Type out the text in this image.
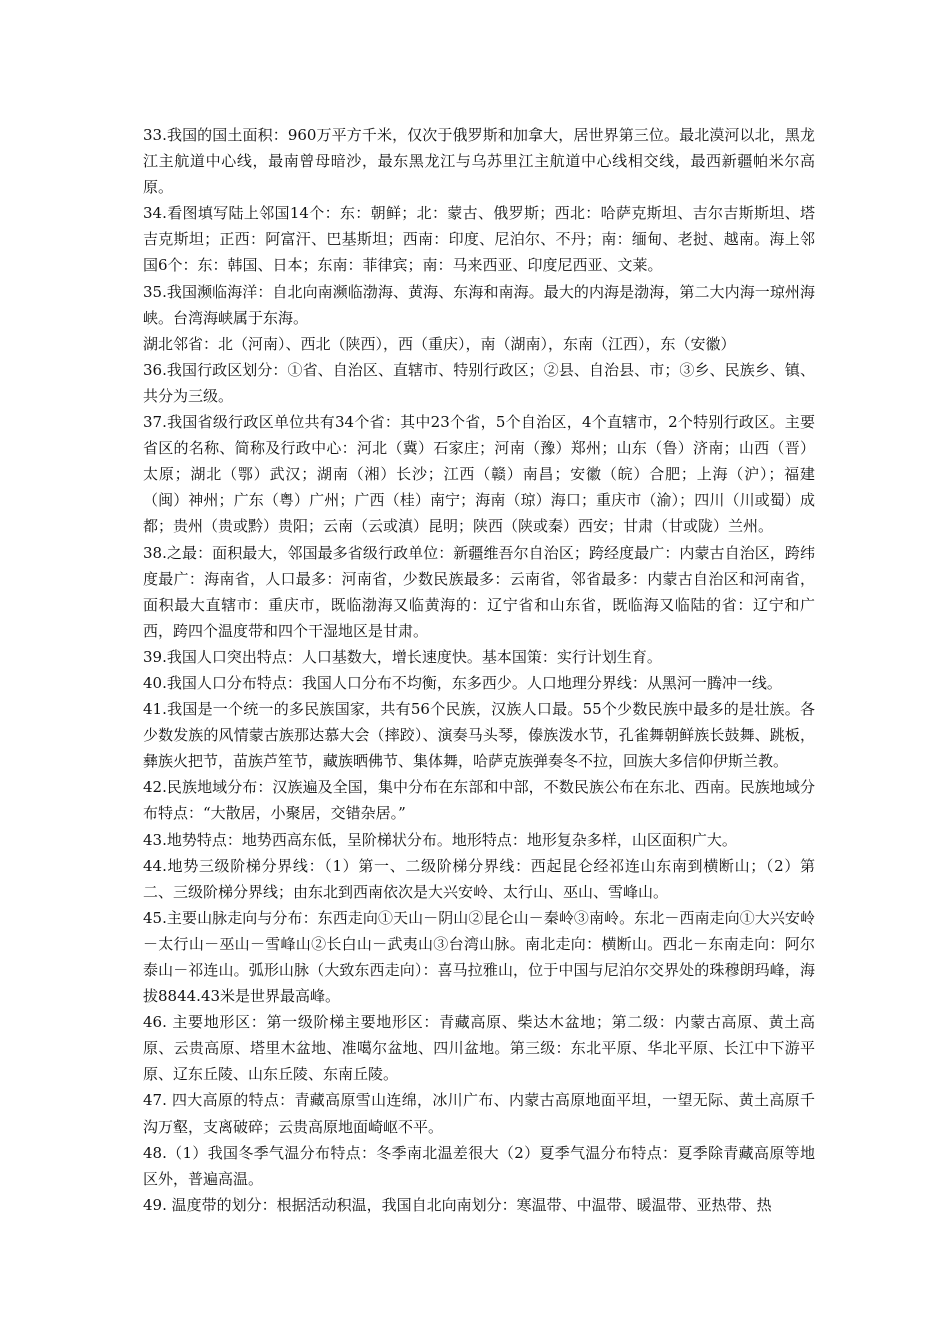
33.我国的国土面积：960万平方千米，仅次于俄罗斯和加拿大，居世界第三位。最北漠河以北，黑龙江主航道中心线，最南曾母暗沙，最东黑龙江与乌苏里江主航道中心线相交线，最西新疆帕米尔高原。

34.看图填写陆上邻国14个：东：朝鲜；北：蒙古、俄罗斯；西北：哈萨克斯坦、吉尔吉斯斯坦、塔吉克斯坦；正西：阿富汗、巴基斯坦；西南：印度、尼泊尔、不丹；南：缅甸、老挝、越南。海上邻国6个：东：韩国、日本；东南：菲律宾；南：马来西亚、印度尼西亚、文莱。

35.我国濒临海洋：自北向南濒临渤海、黄海、东海和南海。最大的内海是渤海，第二大内海一琼州海峡。台湾海峡属于东海。

湖北邻省：北（河南）、西北（陕西），西（重庆），南（湖南），东南（江西），东（安徽）

36.我国行政区划分：①省、自治区、直辖市、特别行政区；②县、自治县、市；③乡、民族乡、镇、共分为三级。

37.我国省级行政区单位共有34个省：其中23个省，5个自治区，4个直辖市，2个特别行政区。主要省区的名称、简称及行政中心：河北（冀）石家庄；河南（豫）郑州；山东（鲁）济南；山西（晋）太原；湖北（鄂）武汉；湖南（湘）长沙；江西（赣）南昌；安徽（皖）合肥；上海（沪）；福建（闽）神州；广东（粤）广州；广西（桂）南宁；海南（琼）海口；重庆市（渝）；四川（川或蜀）成都；贵州（贵或黔）贵阳；云南（云或滇）昆明；陕西（陕或秦）西安；甘肃（甘或陇）兰州。

38.之最：面积最大，邻国最多省级行政单位：新疆维吾尔自治区；跨经度最广：内蒙古自治区，跨纬度最广：海南省，人口最多：河南省，少数民族最多：云南省，邻省最多：内蒙古自治区和河南省，面积最大直辖市：重庆市，既临渤海又临黄海的：辽宁省和山东省，既临海又临陆的省：辽宁和广西，跨四个温度带和四个干湿地区是甘肃。

39.我国人口突出特点：人口基数大，增长速度快。基本国策：实行计划生育。

40.我国人口分布特点：我国人口分布不均衡，东多西少。人口地理分界线：从黑河一腾冲一线。

41.我国是一个统一的多民族国家，共有56个民族，汉族人口最。55个少数民族中最多的是壮族。各少数发族的风情蒙古族那达慕大会（摔跤）、演奏马头琴，傣族泼水节，孔雀舞朝鲜族长鼓舞、跳板，彝族火把节，苗族芦笙节，藏族晒佛节、集体舞，哈萨克族弹奏冬不拉，回族大多信仰伊斯兰教。

42.民族地域分布：汉族遍及全国，集中分布在东部和中部，不数民族公布在东北、西南。民族地域分布特点：“大散居，小聚居，交错杂居。”

43.地势特点：地势西高东低，呈阶梯状分布。地形特点：地形复杂多样，山区面积广大。

44.地势三级阶梯分界线：（1）第一、二级阶梯分界线：西起昆仑经祁连山东南到横断山；（2）第二、三级阶梯分界线；由东北到西南依次是大兴安岭、太行山、巫山、雪峰山。

45.主要山脉走向与分布：东西走向①天山－阴山②昆仑山－秦岭③南岭。东北－西南走向①大兴安岭－太行山－巫山－雪峰山②长白山－武夷山③台湾山脉。南北走向：横断山。西北－东南走向：阿尔泰山－祁连山。弧形山脉（大致东西走向）：喜马拉雅山，位于中国与尼泊尔交界处的珠穆朗玛峰，海拔8844.43米是世界最高峰。

46. 主要地形区：第一级阶梯主要地形区：青藏高原、柴达木盆地；第二级：内蒙古高原、黄土高原、云贵高原、塔里木盆地、准噶尔盆地、四川盆地。第三级：东北平原、华北平原、长江中下游平原、辽东丘陵、山东丘陵、东南丘陵。

47. 四大高原的特点：青藏高原雪山连绵，冰川广布、内蒙古高原地面平坦，一望无际、黄土高原千沟万壑，支离破碎；云贵高原地面崎岖不平。

48.（1）我国冬季气温分布特点：冬季南北温差很大（2）夏季气温分布特点：夏季除青藏高原等地区外，普遍高温。

49. 温度带的划分：根据活动积温，我国自北向南划分：寒温带、中温带、暖温带、亚热带、热
